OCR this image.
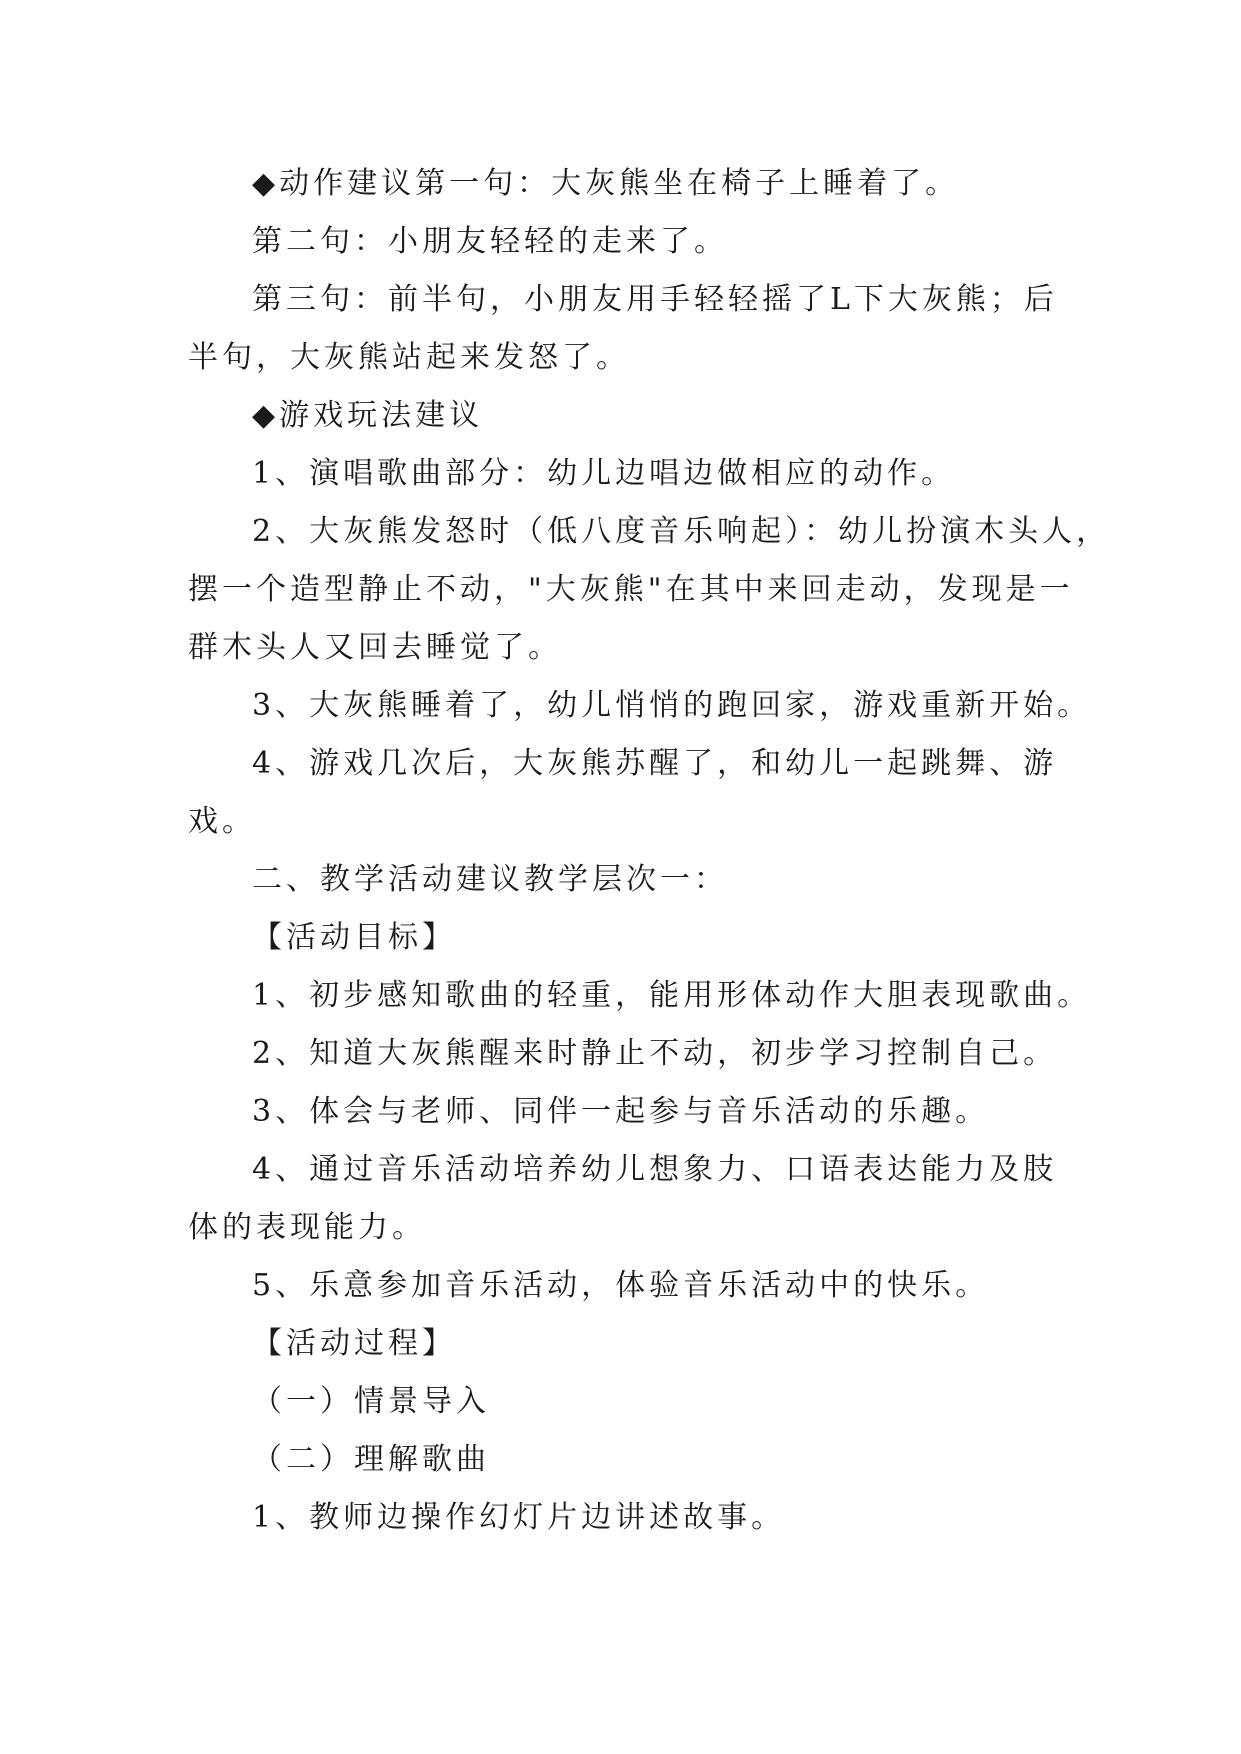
◆动作建议第一句：大灰熊坐在椅子上睡着了。

第二句：小朋友轻轻的走来了。

第三句：前半句，小朋友用手轻轻摇了L下大灰熊；后
半句，大灰熊站起来发怒了。

◆游戏玩法建议

1、演唱歌曲部分：幼儿边唱边做相应的动作。

2、大灰熊发怒时（低八度音乐响起）：幼儿扮演木头人，
摆一个造型静止不动，"大灰熊"在其中来回走动，发现是一
群木头人又回去睡觉了。

3、大灰熊睡着了，幼儿悄悄的跑回家，游戏重新开始。

4、游戏几次后，大灰熊苏醒了，和幼儿一起跳舞、游
戏。

二、教学活动建议教学层次一：

【活动目标】

1、初步感知歌曲的轻重，能用形体动作大胆表现歌曲。

2、知道大灰熊醒来时静止不动，初步学习控制自己。

3、体会与老师、同伴一起参与音乐活动的乐趣。

4、通过音乐活动培养幼儿想象力、口语表达能力及肢
体的表现能力。

5、乐意参加音乐活动，体验音乐活动中的快乐。

【活动过程】

（一）情景导入

（二）理解歌曲

1、教师边操作幻灯片边讲述故事。
